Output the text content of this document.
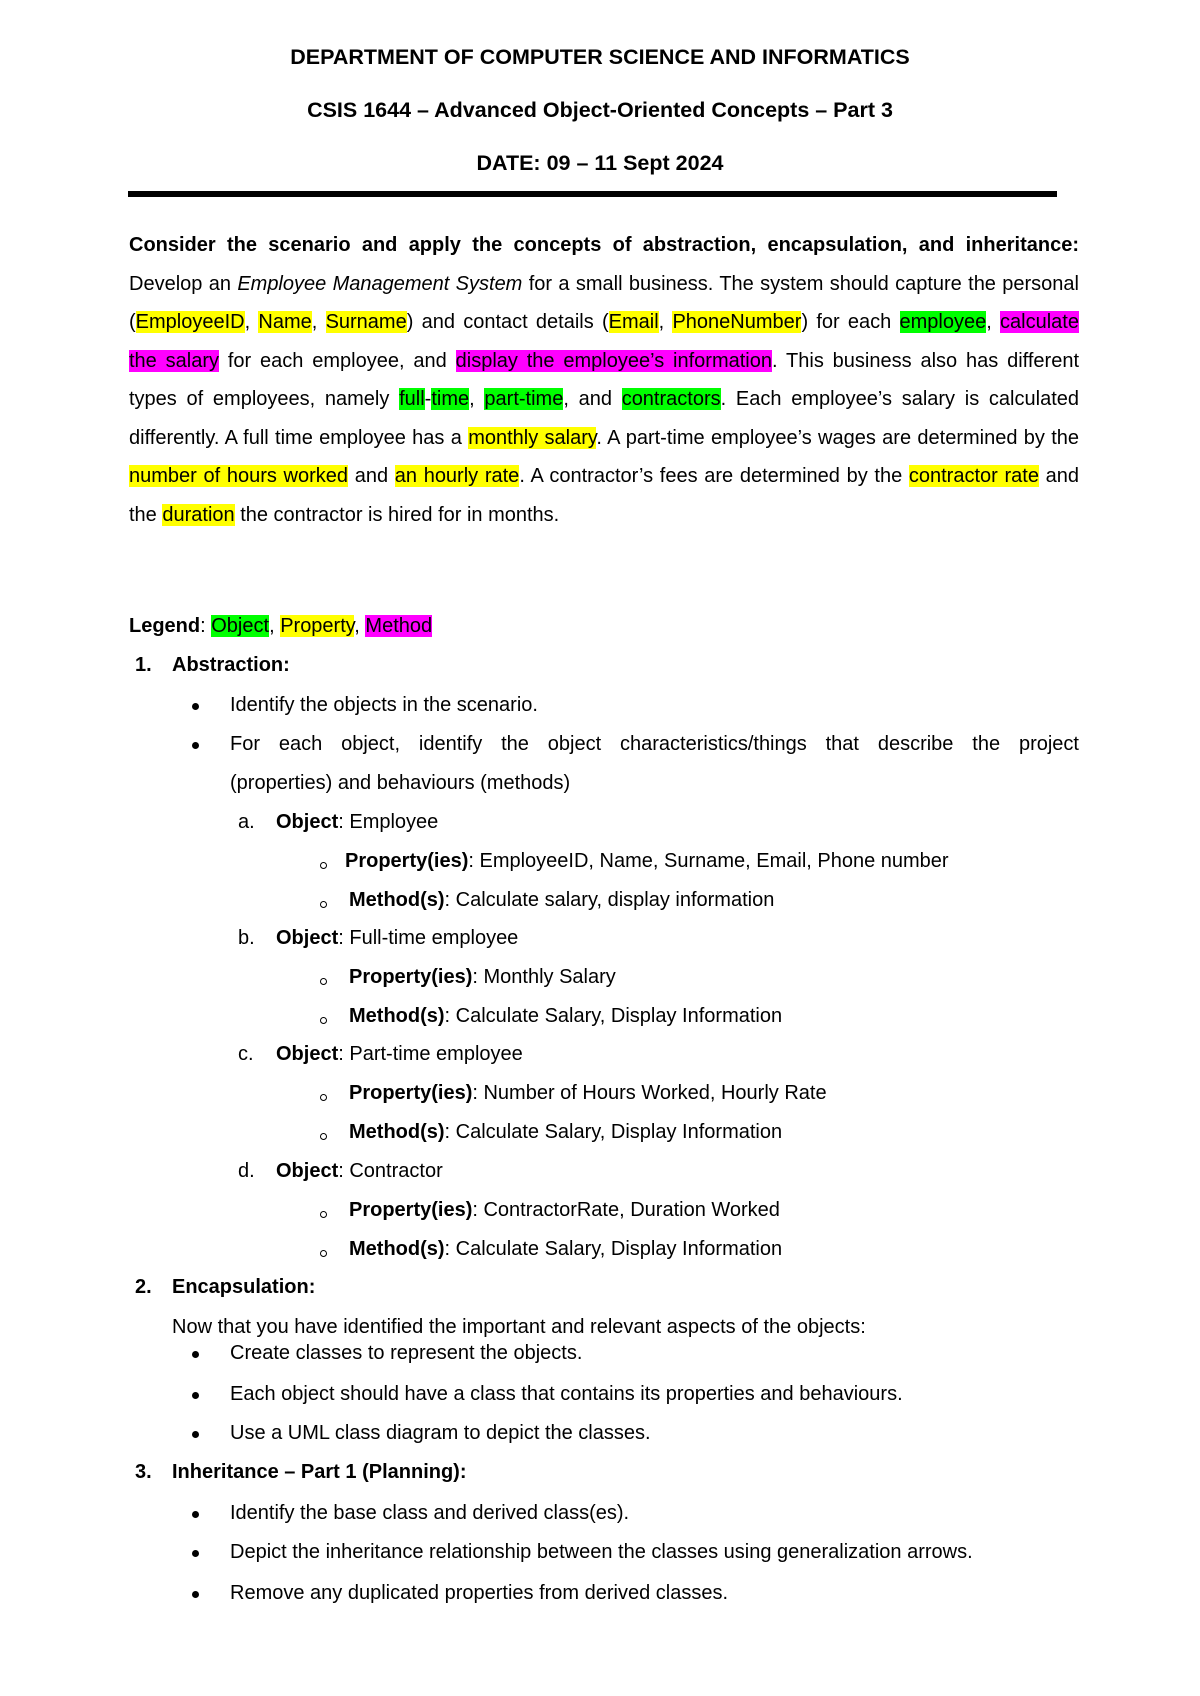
DEPARTMENT OF COMPUTER SCIENCE AND INFORMATICS
CSIS 1644 – Advanced Object-Oriented Concepts – Part 3
DATE: 09 – 11 Sept 2024
Consider the scenario and apply the concepts of abstraction, encapsulation, and inheritance: Develop an Employee Management System for a small business. The system should capture the personal (EmployeeID, Name, Surname) and contact details (Email, PhoneNumber) for each employee, calculate the salary for each employee, and display the employee’s information. This business also has different types of employees, namely full-time, part-time, and contractors. Each employee’s salary is calculated differently. A full time employee has a monthly salary. A part-time employee’s wages are determined by the number of hours worked and an hourly rate. A contractor’s fees are determined by the contractor rate and the duration the contractor is hired for in months.
Legend: Object, Property, Method
1. Abstraction:
Identify the objects in the scenario.
For each object, identify the object characteristics/things that describe the project
(properties) and behaviours (methods)
a. Object: Employee
Property(ies): EmployeeID, Name, Surname, Email, Phone number
Method(s): Calculate salary, display information
b. Object: Full-time employee
Property(ies): Monthly Salary
Method(s): Calculate Salary, Display Information
c. Object: Part-time employee
Property(ies): Number of Hours Worked, Hourly Rate
Method(s): Calculate Salary, Display Information
d. Object: Contractor
Property(ies): ContractorRate, Duration Worked
Method(s): Calculate Salary, Display Information
2. Encapsulation:
Now that you have identified the important and relevant aspects of the objects:
Create classes to represent the objects.
Each object should have a class that contains its properties and behaviours.
Use a UML class diagram to depict the classes.
3. Inheritance – Part 1 (Planning):
Identify the base class and derived class(es).
Depict the inheritance relationship between the classes using generalization arrows.
Remove any duplicated properties from derived classes.
